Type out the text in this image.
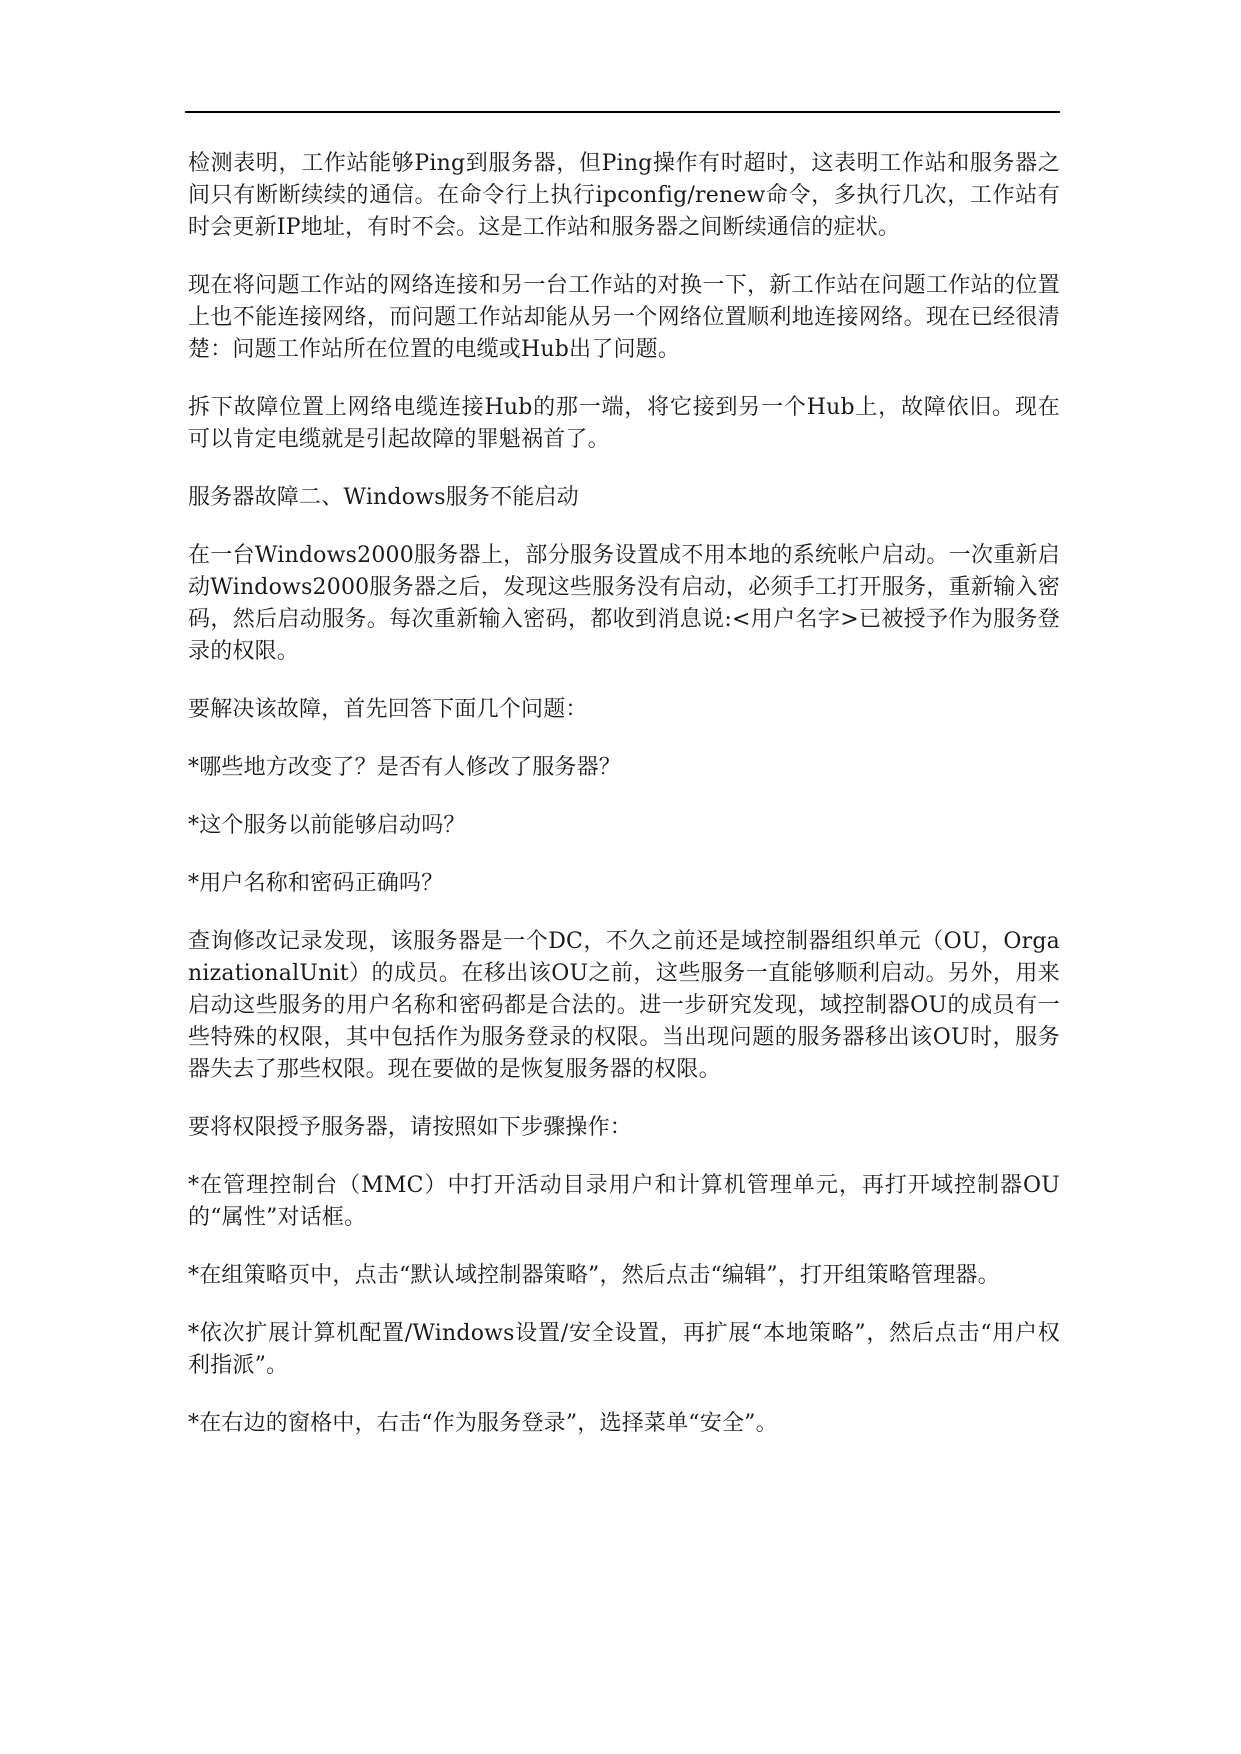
检测表明，工作站能够Ping到服务器，但Ping操作有时超时，这表明工作站和服务器之间只有断断续续的通信。在命令行上执行ipconfig/renew命令，多执行几次，工作站有时会更新IP地址，有时不会。这是工作站和服务器之间断续通信的症状。

现在将问题工作站的网络连接和另一台工作站的对换一下，新工作站在问题工作站的位置上也不能连接网络，而问题工作站却能从另一个网络位置顺利地连接网络。现在已经很清楚：问题工作站所在位置的电缆或Hub出了问题。

拆下故障位置上网络电缆连接Hub的那一端，将它接到另一个Hub上，故障依旧。现在可以肯定电缆就是引起故障的罪魁祸首了。

服务器故障二、Windows服务不能启动

在一台Windows2000服务器上，部分服务设置成不用本地的系统帐户启动。一次重新启动Windows2000服务器之后，发现这些服务没有启动，必须手工打开服务，重新输入密码，然后启动服务。每次重新输入密码，都收到消息说:<用户名字>已被授予作为服务登录的权限。

要解决该故障，首先回答下面几个问题：

*哪些地方改变了？是否有人修改了服务器？

*这个服务以前能够启动吗？

*用户名称和密码正确吗？

查询修改记录发现，该服务器是一个DC，不久之前还是域控制器组织单元（OU，OrganizationalUnit）的成员。在移出该OU之前，这些服务一直能够顺利启动。另外，用来启动这些服务的用户名称和密码都是合法的。进一步研究发现，域控制器OU的成员有一些特殊的权限，其中包括作为服务登录的权限。当出现问题的服务器移出该OU时，服务器失去了那些权限。现在要做的是恢复服务器的权限。

要将权限授予服务器，请按照如下步骤操作：

*在管理控制台（MMC）中打开活动目录用户和计算机管理单元，再打开域控制器OU的“属性”对话框。

*在组策略页中，点击“默认域控制器策略”，然后点击“编辑”，打开组策略管理器。

*依次扩展计算机配置/Windows设置/安全设置，再扩展“本地策略”，然后点击“用户权利指派”。

*在右边的窗格中，右击“作为服务登录”，选择菜单“安全”。
